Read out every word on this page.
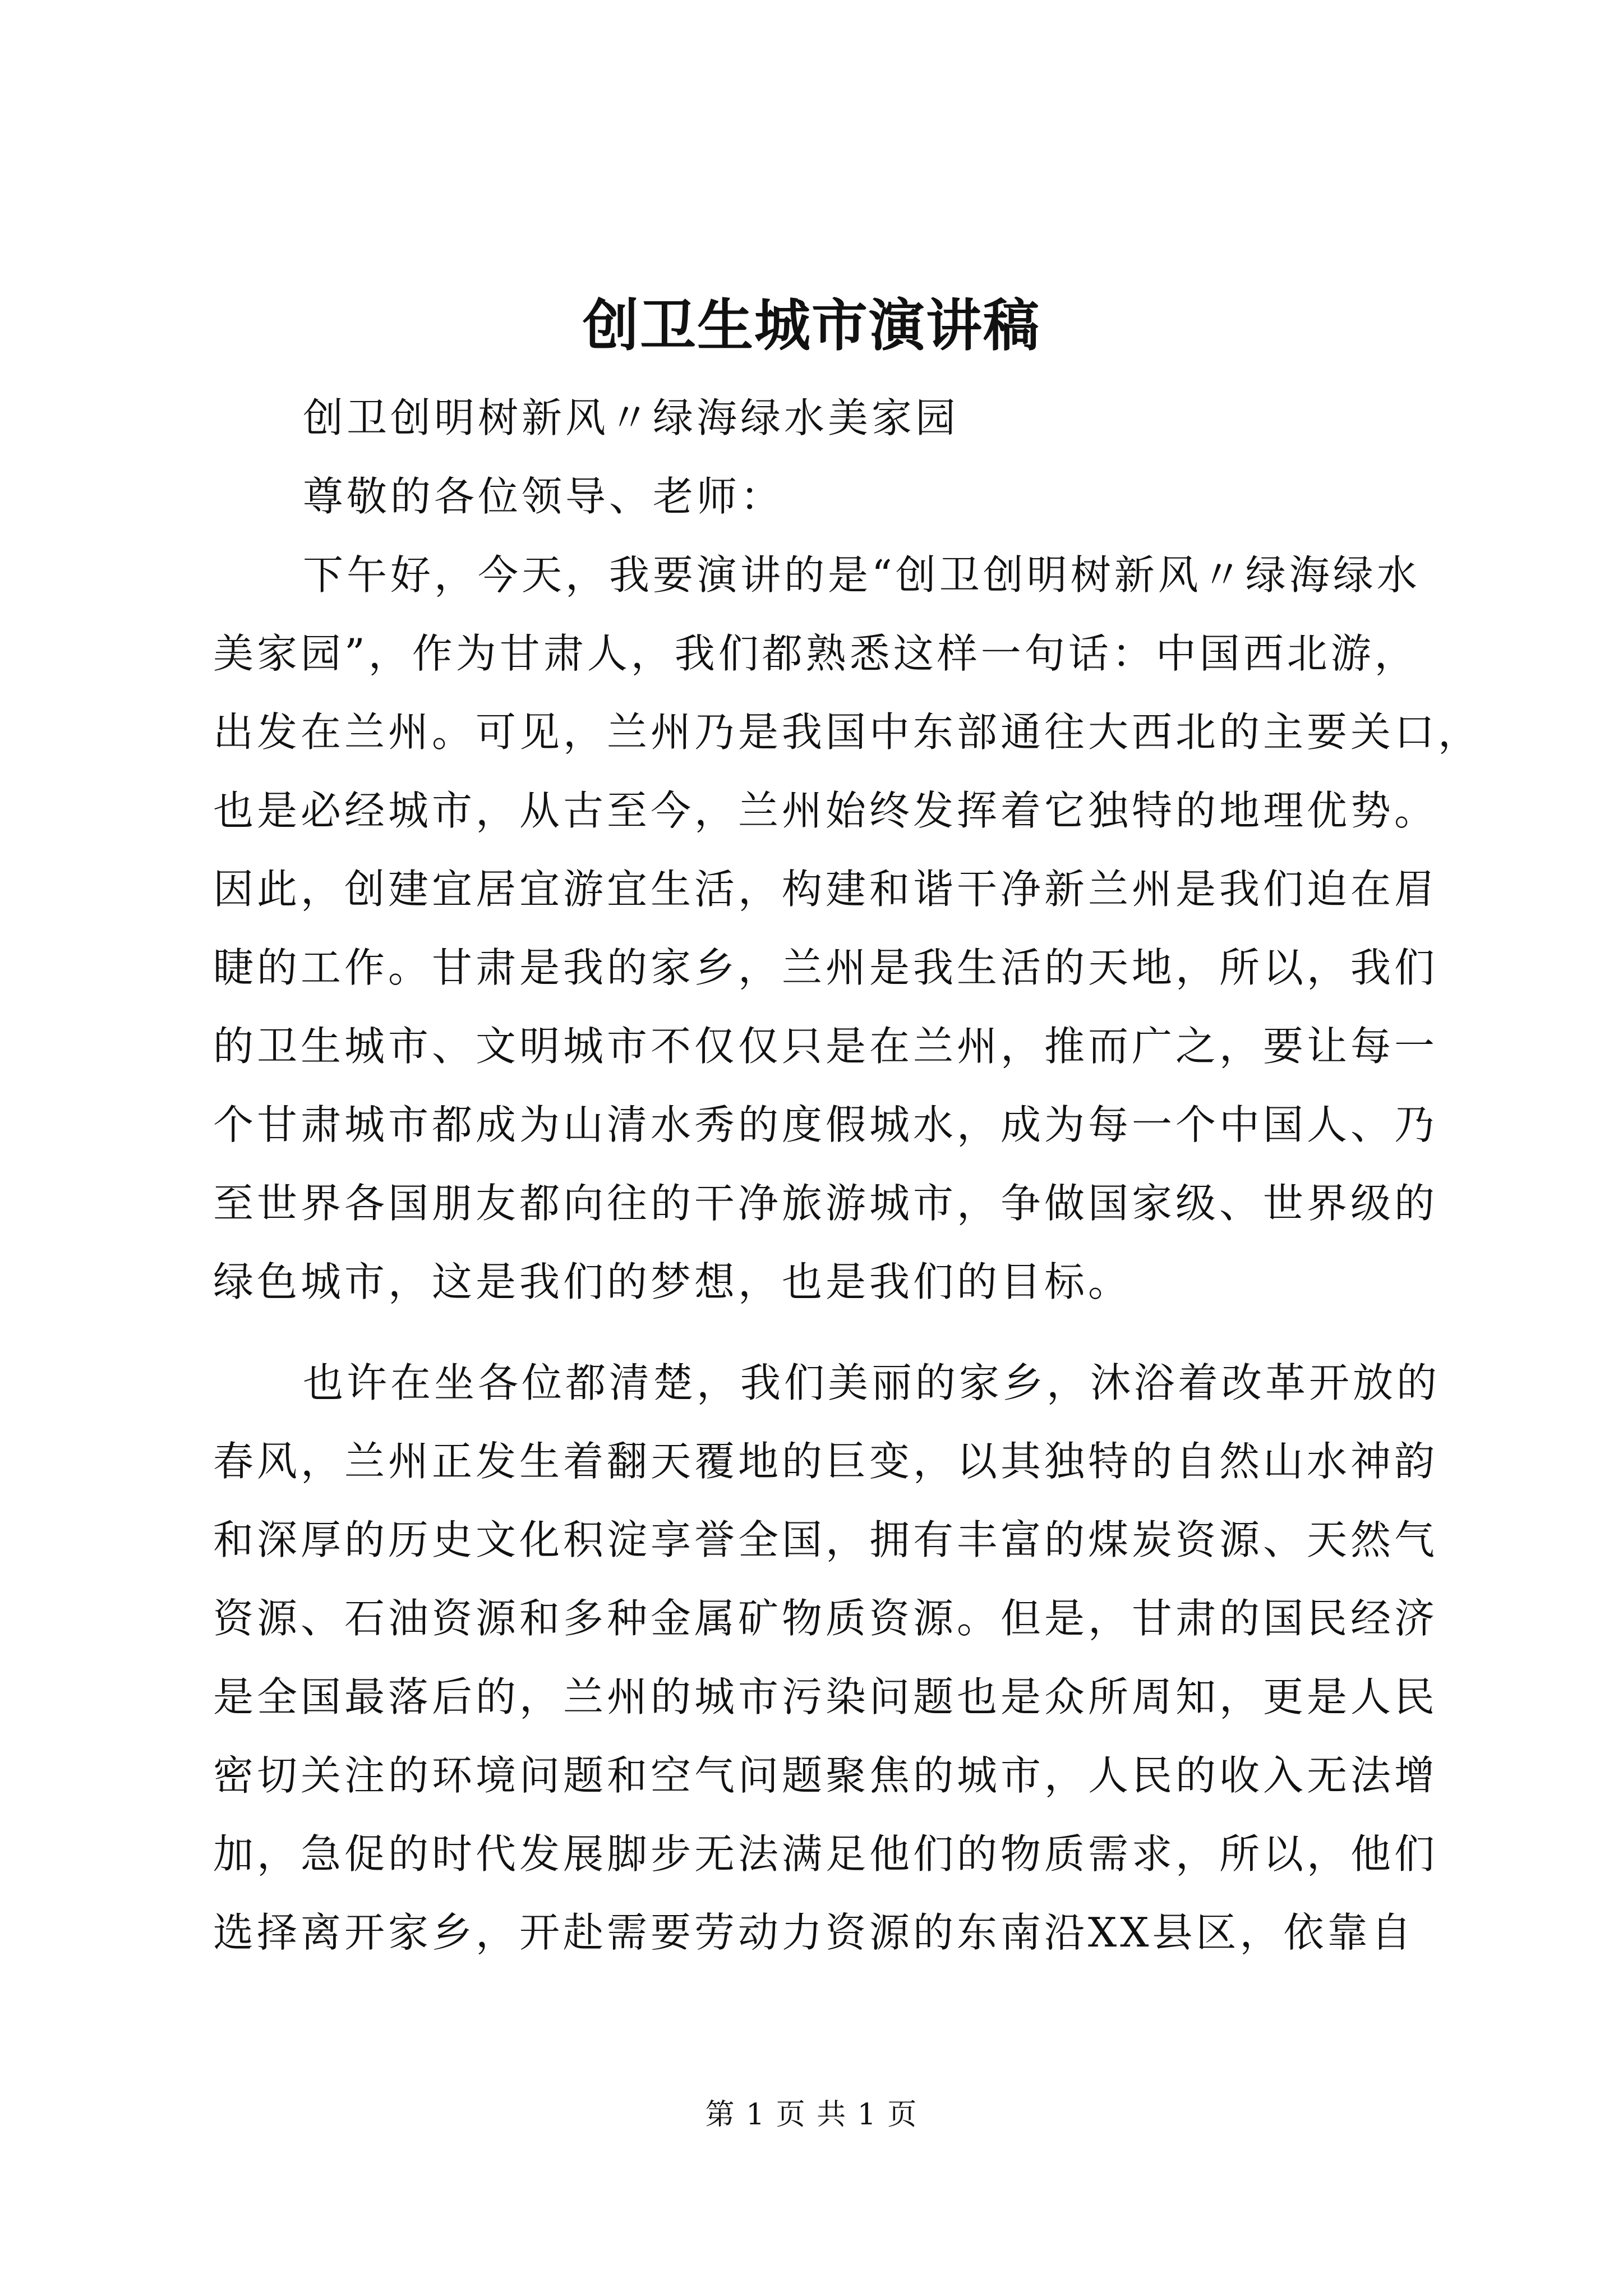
创卫生城市演讲稿
创卫创明树新风〃绿海绿水美家园
尊敬的各位领导、老师：
下午好，今天，我要演讲的是“创卫创明树新风〃绿海绿水
美家园”，作为甘肃人，我们都熟悉这样一句话：中国西北游，
出发在兰州。可见，兰州乃是我国中东部通往大西北的主要关口，
也是必经城市，从古至今，兰州始终发挥着它独特的地理优势。
因此，创建宜居宜游宜生活，构建和谐干净新兰州是我们迫在眉
睫的工作。甘肃是我的家乡，兰州是我生活的天地，所以，我们
的卫生城市、文明城市不仅仅只是在兰州，推而广之，要让每一
个甘肃城市都成为山清水秀的度假城水，成为每一个中国人、乃
至世界各国朋友都向往的干净旅游城市，争做国家级、世界级的
绿色城市，这是我们的梦想，也是我们的目标。
也许在坐各位都清楚，我们美丽的家乡，沐浴着改革开放的
春风，兰州正发生着翻天覆地的巨变，以其独特的自然山水神韵
和深厚的历史文化积淀享誉全国，拥有丰富的煤炭资源、天然气
资源、石油资源和多种金属矿物质资源。但是，甘肃的国民经济
是全国最落后的，兰州的城市污染问题也是众所周知，更是人民
密切关注的环境问题和空气问题聚焦的城市，人民的收入无法增
加，急促的时代发展脚步无法满足他们的物质需求，所以，他们
选择离开家乡，开赴需要劳动力资源的东南沿XX县区，依靠自
第 1 页 共 1 页
